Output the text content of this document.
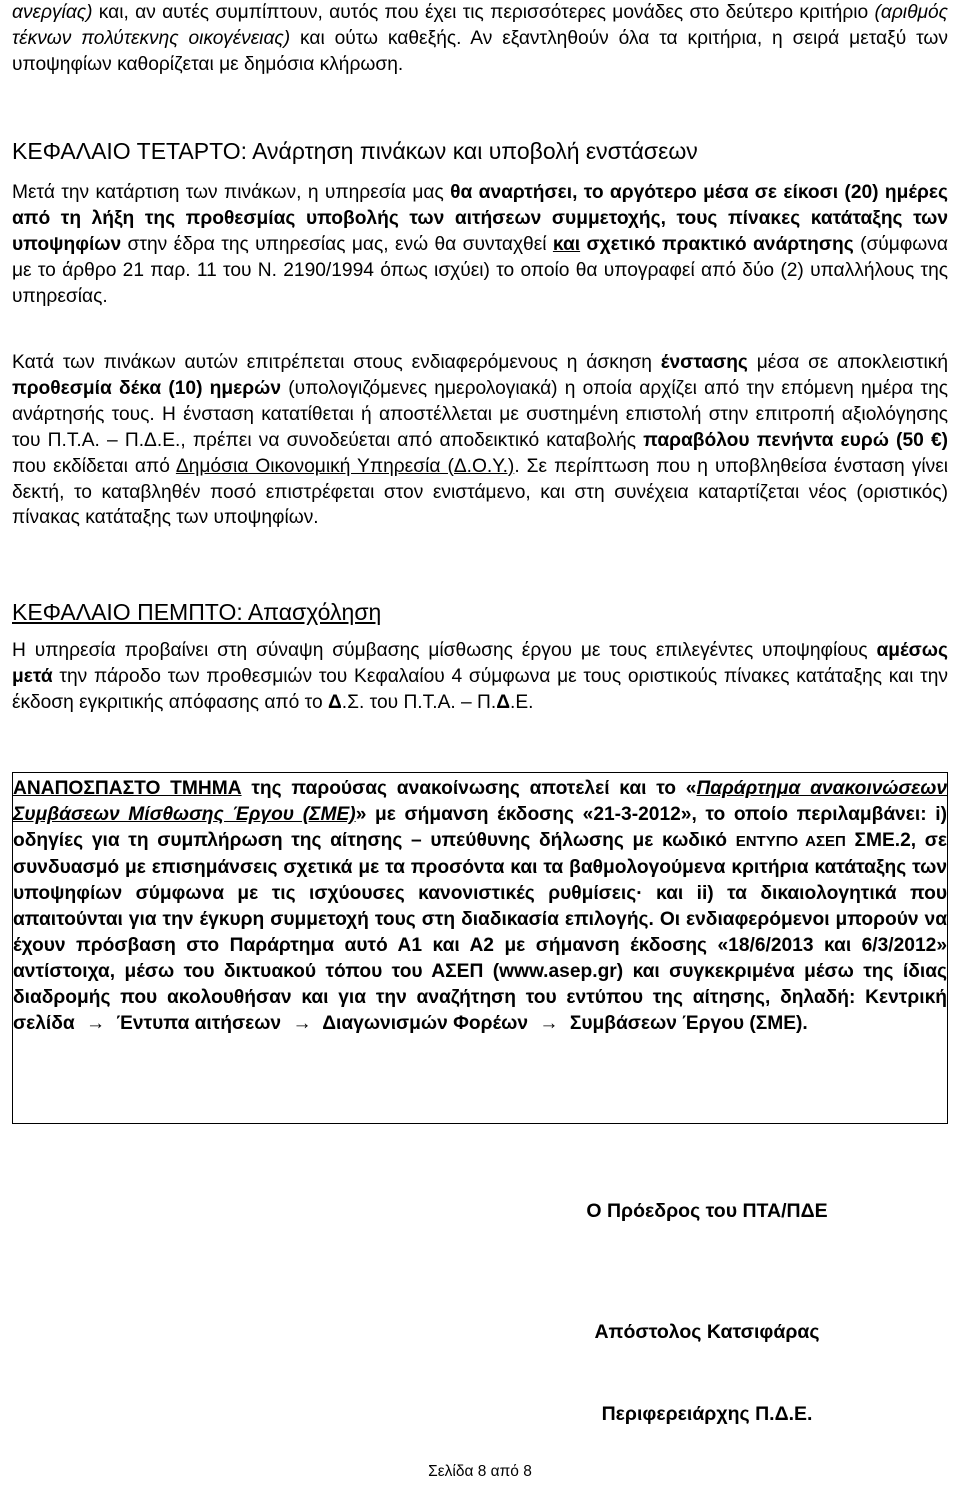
ανεργίας) και, αν αυτές συμπίπτουν, αυτός που έχει τις περισσότερες μονάδες στο δεύτερο κριτήριο (αριθμός τέκνων πολύτεκνης οικογένειας) και ούτω καθεξής. Αν εξαντληθούν όλα τα κριτήρια, η σειρά μεταξύ των υποψηφίων καθορίζεται με δημόσια κλήρωση.

ΚΕΦΑΛΑΙΟ ΤΕΤΑΡΤΟ: Ανάρτηση πινάκων και υποβολή ενστάσεων

Μετά την κατάρτιση των πινάκων, η υπηρεσία μας θα αναρτήσει, το αργότερο μέσα σε είκοσι (20) ημέρες από τη λήξη της προθεσμίας υποβολής των αιτήσεων συμμετοχής, τους πίνακες κατάταξης των υποψηφίων στην έδρα της υπηρεσίας μας, ενώ θα συνταχθεί και σχετικό πρακτικό ανάρτησης (σύμφωνα με το άρθρο 21 παρ. 11 του Ν. 2190/1994 όπως ισχύει) το οποίο θα υπογραφεί από δύο (2) υπαλλήλους της υπηρεσίας.

Κατά των πινάκων αυτών επιτρέπεται στους ενδιαφερόμενους η άσκηση ένστασης μέσα σε αποκλειστική προθεσμία δέκα (10) ημερών (υπολογιζόμενες ημερολογιακά) η οποία αρχίζει από την επόμενη ημέρα της ανάρτησής τους. Η ένσταση κατατίθεται ή αποστέλλεται με συστημένη επιστολή στην επιτροπή αξιολόγησης του Π.Τ.Α. – Π.Δ.Ε., πρέπει να συνοδεύεται από αποδεικτικό καταβολής παραβόλου πενήντα ευρώ (50 €) που εκδίδεται από Δημόσια Οικονομική Υπηρεσία (Δ.Ο.Υ.). Σε περίπτωση που η υποβληθείσα ένσταση γίνει δεκτή, το καταβληθέν ποσό επιστρέφεται στον ενιστάμενο, και στη συνέχεια καταρτίζεται νέος (οριστικός) πίνακας κατάταξης των υποψηφίων.

ΚΕΦΑΛΑΙΟ ΠΕΜΠΤΟ: Απασχόληση

Η υπηρεσία προβαίνει στη σύναψη σύμβασης μίσθωσης έργου με τους επιλεγέντες υποψηφίους αμέσως μετά την πάροδο των προθεσμιών του Κεφαλαίου 4 σύμφωνα με τους οριστικούς πίνακες κατάταξης και την έκδοση εγκριτικής απόφασης από το Δ.Σ. του Π.Τ.Α. – Π.Δ.Ε.

ΑΝΑΠΟΣΠΑΣΤΟ ΤΜΗΜΑ της παρούσας ανακοίνωσης αποτελεί και το «Παράρτημα ανακοινώσεων Συμβάσεων Μίσθωσης Έργου (ΣΜΕ)» με σήμανση έκδοσης «21-3-2012», το οποίο περιλαμβάνει: i) οδηγίες για τη συμπλήρωση της αίτησης – υπεύθυνης δήλωσης με κωδικό ΕΝΤΥΠΟ ΑΣΕΠ ΣΜΕ.2, σε συνδυασμό με επισημάνσεις σχετικά με τα προσόντα και τα βαθμολογούμενα κριτήρια κατάταξης των υποψηφίων σύμφωνα με τις ισχύουσες κανονιστικές ρυθμίσεις· και ii) τα δικαιολογητικά που απαιτούνται για την έγκυρη συμμετοχή τους στη διαδικασία επιλογής. Οι ενδιαφερόμενοι μπορούν να έχουν πρόσβαση στο Παράρτημα αυτό Α1 και Α2 με σήμανση έκδοσης «18/6/2013 και 6/3/2012» αντίστοιχα, μέσω του δικτυακού τόπου του ΑΣΕΠ (www.asep.gr) και συγκεκριμένα μέσω της ίδιας διαδρομής που ακολουθήσαν και για την αναζήτηση του εντύπου της αίτησης, δηλαδή: Κεντρική σελίδα → Έντυπα αιτήσεων → Διαγωνισμών Φορέων → Συμβάσεων Έργου (ΣΜΕ).

Ο Πρόεδρος του ΠΤΑ/ΠΔΕ
Απόστολος Κατσιφάρας
Περιφερειάρχης Π.Δ.Ε.
Σελίδα 8 από 8
